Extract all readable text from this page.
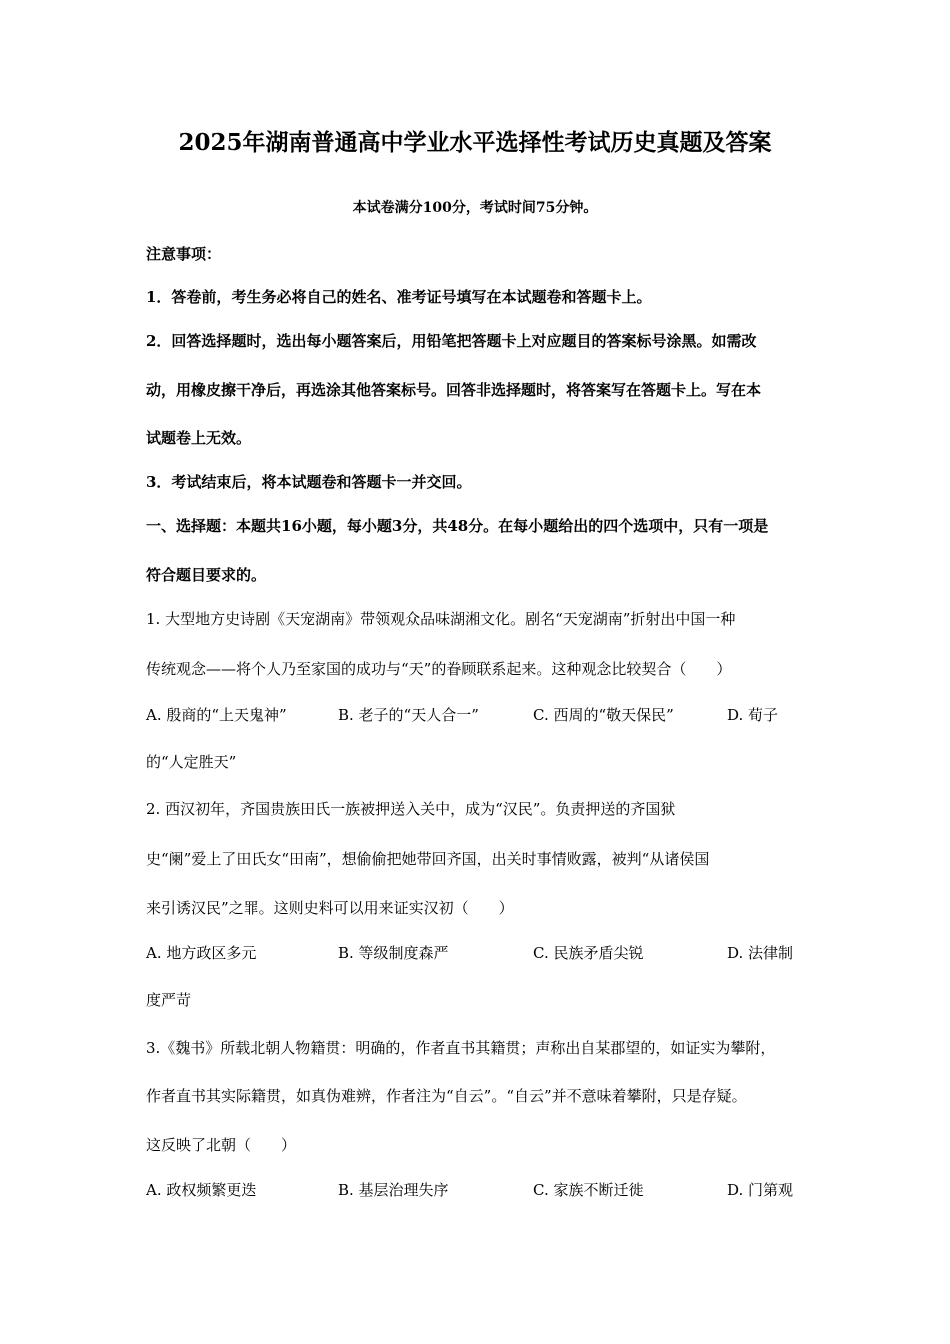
2025年湖南普通高中学业水平选择性考试历史真题及答案
本试卷满分100分，考试时间75分钟。
注意事项：
1．答卷前，考生务必将自己的姓名、准考证号填写在本试题卷和答题卡上。
2．回答选择题时，选出每小题答案后，用铅笔把答题卡上对应题目的答案标号涂黑。如需改
动，用橡皮擦干净后，再选涂其他答案标号。回答非选择题时，将答案写在答题卡上。写在本
试题卷上无效。
3．考试结束后，将本试题卷和答题卡一并交回。
一、选择题：本题共16小题，每小题3分，共48分。在每小题给出的四个选项中，只有一项是
符合题目要求的。
1. 大型地方史诗剧《天宠湖南》带领观众品味湖湘文化。剧名“天宠湖南”折射出中国一种
传统观念——将个人乃至家国的成功与“天”的眷顾联系起来。这种观念比较契合（　　）
A. 殷商的“上天鬼神”	B. 老子的“天人合一”	C. 西周的“敬天保民”	D. 荀子
的“人定胜天”
2. 西汉初年，齐国贵族田氏一族被押送入关中，成为“汉民”。负责押送的齐国狱
史“阑”爱上了田氏女“田南”，想偷偷把她带回齐国，出关时事情败露，被判“从诸侯国
来引诱汉民”之罪。这则史料可以用来证实汉初（　　）
A. 地方政区多元	B. 等级制度森严	C. 民族矛盾尖锐	D. 法律制
度严苛
3.《魏书》所载北朝人物籍贯：明确的，作者直书其籍贯；声称出自某郡望的，如证实为攀附，
作者直书其实际籍贯，如真伪难辨，作者注为“自云”。“自云”并不意味着攀附，只是存疑。
这反映了北朝（　　）
A. 政权频繁更迭	B. 基层治理失序	C. 家族不断迁徙	D. 门第观
